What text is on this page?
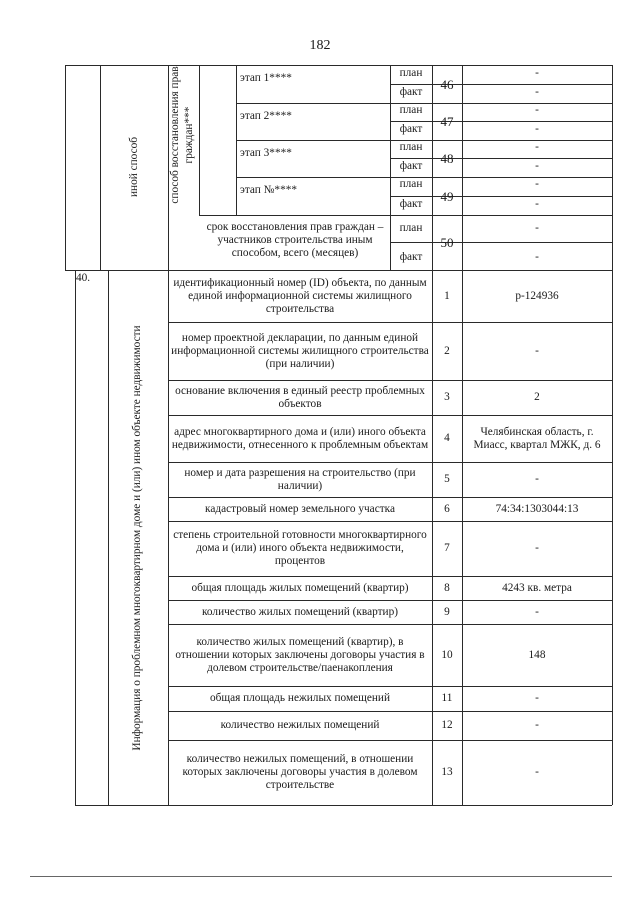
182
иной способ	способ восстановления прав граждан***
этап 1****
этап 2****
этап 3****
этап №****
план
факт
план
факт
план
факт
план
факт
46
47
48
49
-
-
-
-
-
-
-
-
срок восстановления прав граждан – участников строительства иным способом, всего (месяцев)
план
факт
50
-
-
40.
Информация о проблемном многоквартирном доме и (или) ином объекте недвижимости
идентификационный номер (ID) объекта, по данным единой информационной системы жилищного строительства
номер проектной декларации, по данным единой информационной системы жилищного строительства (при наличии)
основание включения в единый реестр проблемных объектов
адрес многоквартирного дома и (или) иного объекта недвижимости, отнесенного к проблемным объектам
номер и дата разрешения на строительство (при наличии)
кадастровый номер земельного участка
степень строительной готовности многоквартирного дома и (или) иного объекта недвижимости, процентов
общая площадь жилых помещений (квартир)
количество жилых помещений (квартир)
количество жилых помещений (квартир), в отношении которых заключены договоры участия в долевом строительстве/паенакопления
общая площадь нежилых помещений
количество нежилых помещений
количество нежилых помещений, в отношении которых заключены договоры участия в долевом строительстве
1
2
3
4
5
6
7
8
9
10
11
12
13
p-124936
-
2
Челябинская область, г. Миасс, квартал МЖК, д. 6
-
74:34:1303044:13
-
4243 кв. метра
-
148
-
-
-
